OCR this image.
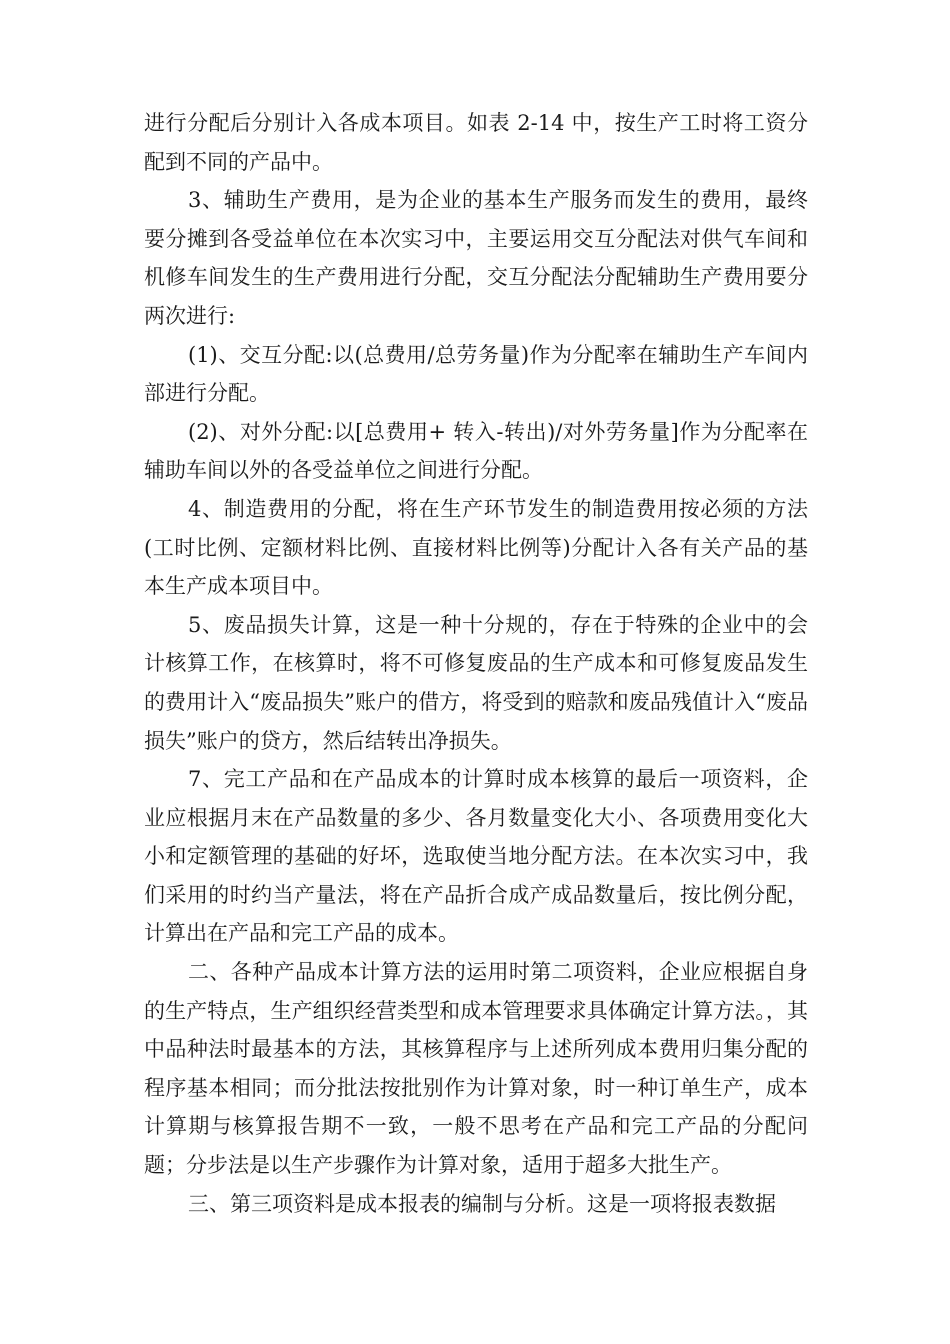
进行分配后分别计入各成本项目。如表 2-14 中，按生产工时将工资分配到不同的产品中。

3、辅助生产费用，是为企业的基本生产服务而发生的费用，最终要分摊到各受益单位在本次实习中，主要运用交互分配法对供气车间和机修车间发生的生产费用进行分配，交互分配法分配辅助生产费用要分两次进行:

(1)、交互分配:以(总费用/总劳务量)作为分配率在辅助生产车间内部进行分配。

(2)、对外分配:以[总费用+ 转入-转出)/对外劳务量]作为分配率在辅助车间以外的各受益单位之间进行分配。

4、制造费用的分配，将在生产环节发生的制造费用按必须的方法(工时比例、定额材料比例、直接材料比例等)分配计入各有关产品的基本生产成本项目中。

5、废品损失计算，这是一种十分规的，存在于特殊的企业中的会计核算工作，在核算时，将不可修复废品的生产成本和可修复废品发生的费用计入“废品损失”账户的借方，将受到的赔款和废品残值计入“废品损失”账户的贷方，然后结转出净损失。

7、完工产品和在产品成本的计算时成本核算的最后一项资料，企业应根据月末在产品数量的多少、各月数量变化大小、各项费用变化大小和定额管理的基础的好坏，选取使当地分配方法。在本次实习中，我们采用的时约当产量法，将在产品折合成产成品数量后，按比例分配，计算出在产品和完工产品的成本。

二、各种产品成本计算方法的运用时第二项资料，企业应根据自身的生产特点，生产组织经营类型和成本管理要求具体确定计算方法。，其中品种法时最基本的方法，其核算程序与上述所列成本费用归集分配的程序基本相同；而分批法按批别作为计算对象，时一种订单生产，成本计算期与核算报告期不一致，一般不思考在产品和完工产品的分配问题；分步法是以生产步骤作为计算对象，适用于超多大批生产。

三、第三项资料是成本报表的编制与分析。这是一项将报表数据
